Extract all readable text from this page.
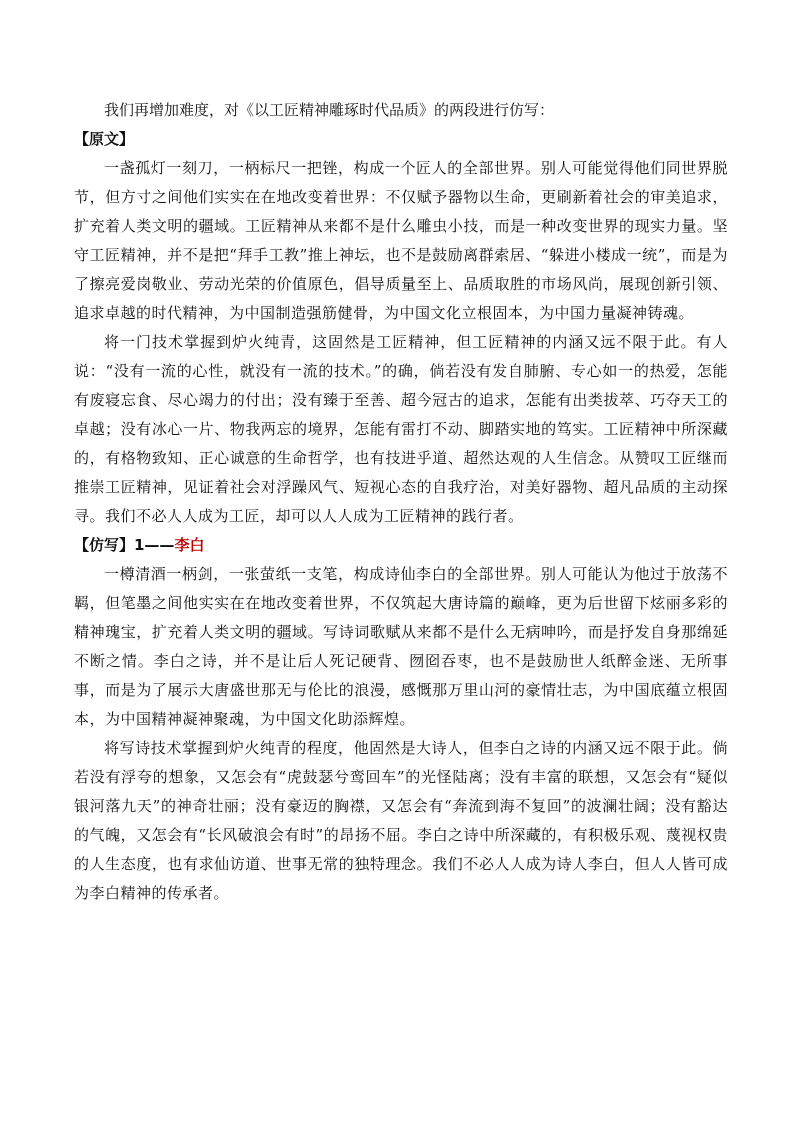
我们再增加难度，对《以工匠精神雕琢时代品质》的两段进行仿写：

【原文】

一盏孤灯一刻刀，一柄标尺一把锉，构成一个匠人的全部世界。别人可能觉得他们同世界脱节，但方寸之间他们实实在在地改变着世界：不仅赋予器物以生命，更刷新着社会的审美追求，扩充着人类文明的疆域。工匠精神从来都不是什么雕虫小技，而是一种改变世界的现实力量。坚守工匠精神，并不是把“拜手工教”推上神坛，也不是鼓励离群索居、“躲进小楼成一统”，而是为了擦亮爱岗敬业、劳动光荣的价值原色，倡导质量至上、品质取胜的市场风尚，展现创新引领、追求卓越的时代精神，为中国制造强筋健骨，为中国文化立根固本，为中国力量凝神铸魂。

将一门技术掌握到炉火纯青，这固然是工匠精神，但工匠精神的内涵又远不限于此。有人说：“没有一流的心性，就没有一流的技术。”的确，倘若没有发自肺腑、专心如一的热爱，怎能有废寝忘食、尽心竭力的付出；没有臻于至善、超今冠古的追求，怎能有出类拔萃、巧夺天工的卓越；没有冰心一片、物我两忘的境界，怎能有雷打不动、脚踏实地的笃实。工匠精神中所深藏的，有格物致知、正心诚意的生命哲学，也有技进乎道、超然达观的人生信念。从赞叹工匠继而推崇工匠精神，见证着社会对浮躁风气、短视心态的自我疗治，对美好器物、超凡品质的主动探寻。我们不必人人成为工匠，却可以人人成为工匠精神的践行者。

【仿写】1——李白

一樽清酒一柄剑，一张萤纸一支笔，构成诗仙李白的全部世界。别人可能认为他过于放荡不羁，但笔墨之间他实实在在地改变着世界，不仅筑起大唐诗篇的巅峰，更为后世留下炫丽多彩的精神瑰宝，扩充着人类文明的疆域。写诗词歌赋从来都不是什么无病呻吟，而是抒发自身那绵延不断之情。李白之诗，并不是让后人死记硬背、囫囵吞枣，也不是鼓励世人纸醉金迷、无所事事，而是为了展示大唐盛世那无与伦比的浪漫，感慨那万里山河的豪情壮志，为中国底蕴立根固本，为中国精神凝神聚魂，为中国文化助添辉煌。

将写诗技术掌握到炉火纯青的程度，他固然是大诗人，但李白之诗的内涵又远不限于此。倘若没有浮夸的想象，又怎会有“虎鼓瑟兮鸾回车”的光怪陆离；没有丰富的联想，又怎会有“疑似银河落九天”的神奇壮丽；没有豪迈的胸襟，又怎会有“奔流到海不复回”的波澜壮阔；没有豁达的气魄，又怎会有“长风破浪会有时”的昂扬不屈。李白之诗中所深藏的，有积极乐观、蔑视权贵的人生态度，也有求仙访道、世事无常的独特理念。我们不必人人成为诗人李白，但人人皆可成为李白精神的传承者。
